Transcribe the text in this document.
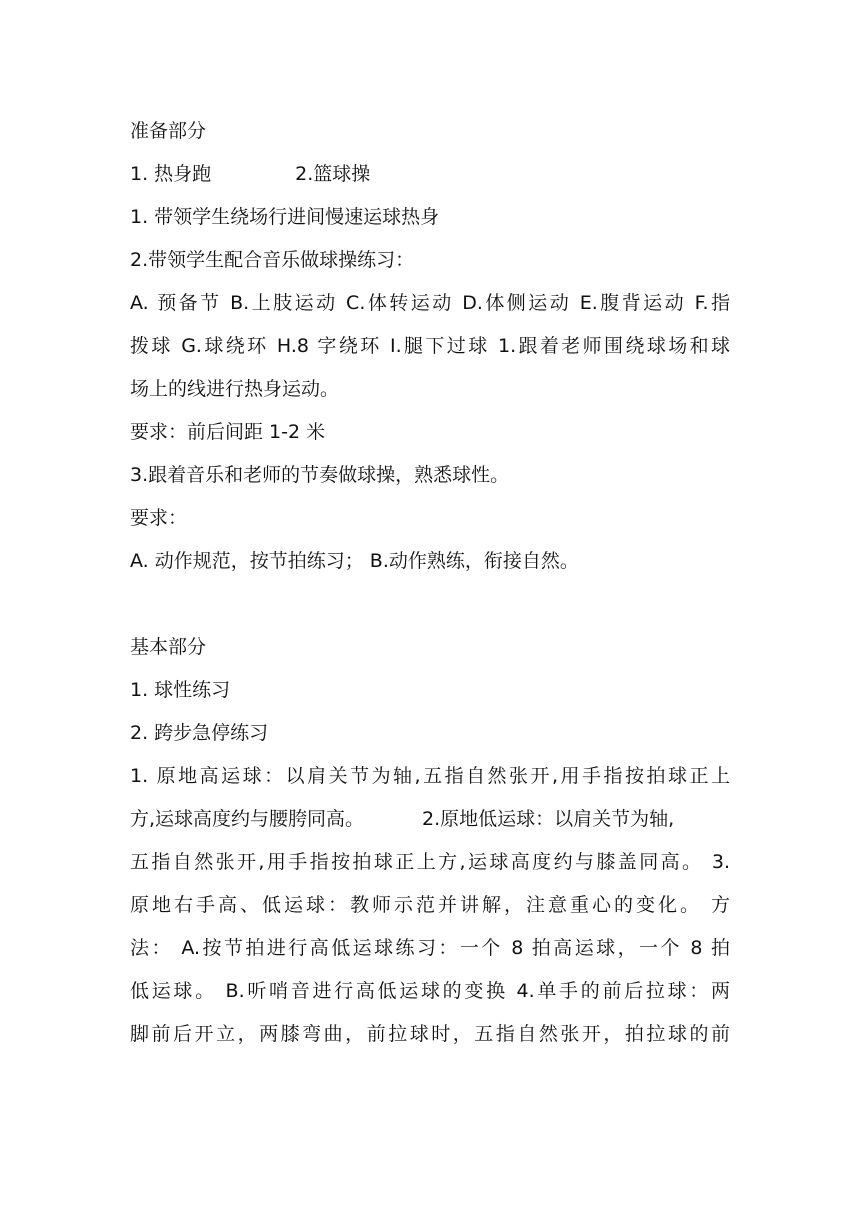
准备部分
1. 热身跑	2.篮球操
1. 带领学生绕场行进间慢速运球热身
2.带领学生配合音乐做球操练习：
A. 预备节 B.上肢运动 C.体转运动 D.体侧运动 E.腹背运动 F.指
拨球 G.球绕环 H.8 字绕环 I.腿下过球 1.跟着老师围绕球场和球
场上的线进行热身运动。
要求：前后间距 1-2 米
3.跟着音乐和老师的节奏做球操，熟悉球性。
要求：
A. 动作规范，按节拍练习； B.动作熟练，衔接自然。
基本部分
1. 球性练习
2. 跨步急停练习
1. 原地高运球：以肩关节为轴,五指自然张开,用手指按拍球正上
方,运球高度约与腰胯同高。	2.原地低运球：以肩关节为轴,
五指自然张开,用手指按拍球正上方,运球高度约与膝盖同高。 3.
原地右手高、低运球：教师示范并讲解，注意重心的变化。 方
法： A.按节拍进行高低运球练习：一个 8 拍高运球，一个 8 拍
低运球。 B.听哨音进行高低运球的变换 4.单手的前后拉球：两
脚前后开立，两膝弯曲，前拉球时，五指自然张开，拍拉球的前
